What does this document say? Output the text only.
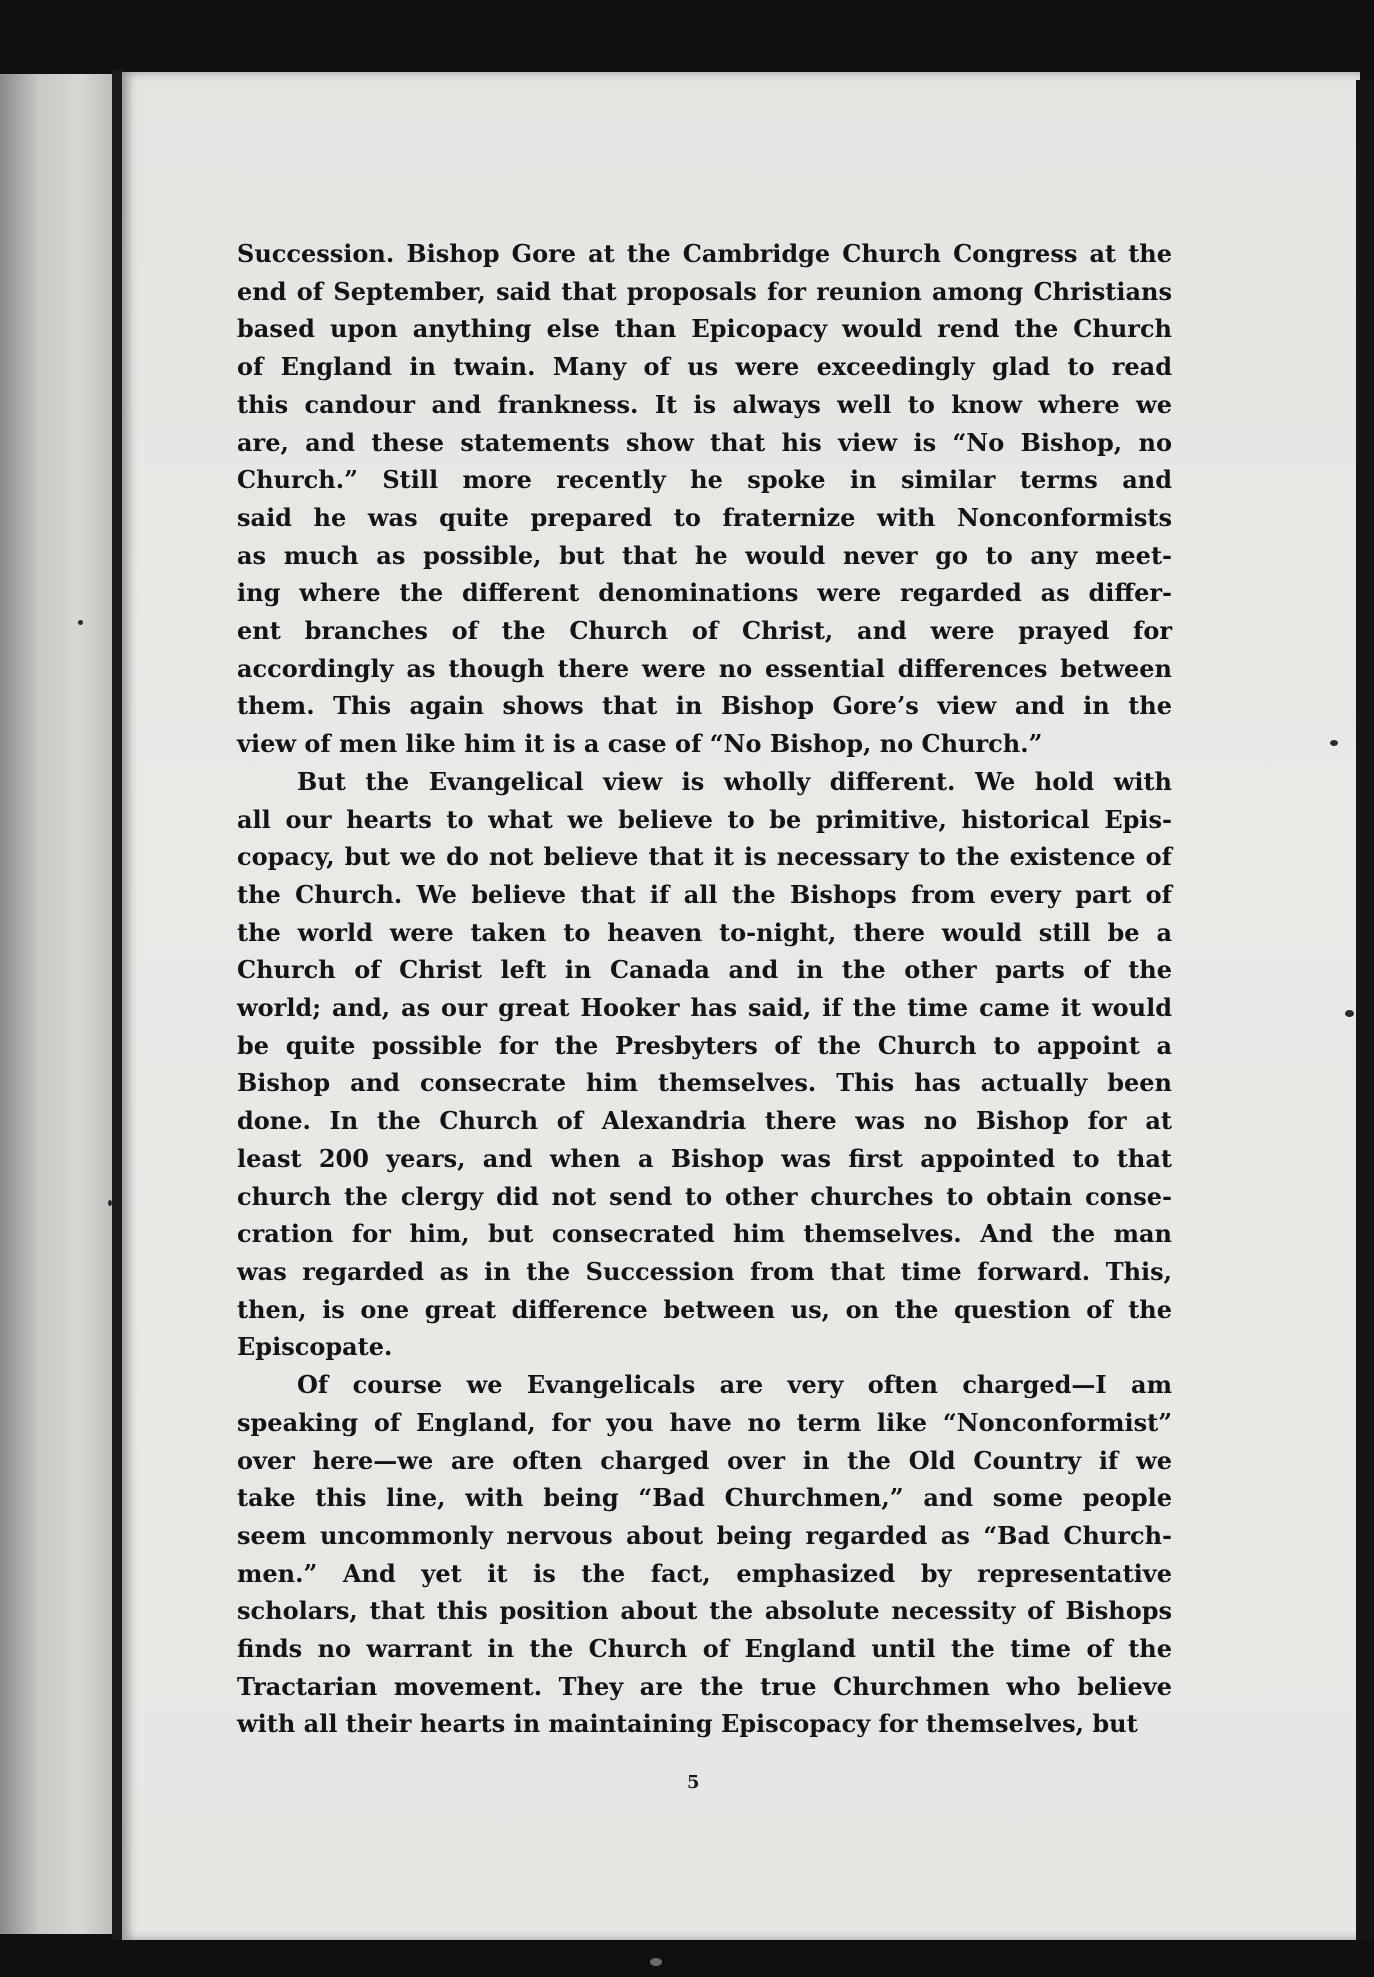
Succession. Bishop Gore at the Cambridge Church Congress at the
end of September, said that proposals for reunion among Christians
based upon anything else than Epicopacy would rend the Church
of England in twain. Many of us were exceedingly glad to read
this candour and frankness. It is always well to know where we
are, and these statements show that his view is “No Bishop, no
Church.” Still more recently he spoke in similar terms and
said he was quite prepared to fraternize with Nonconformists
as much as possible, but that he would never go to any meet-
ing where the different denominations were regarded as differ-
ent branches of the Church of Christ, and were prayed for
accordingly as though there were no essential differences between
them. This again shows that in Bishop Gore’s view and in the
view of men like him it is a case of “No Bishop, no Church.”
But the Evangelical view is wholly different. We hold with
all our hearts to what we believe to be primitive, historical Epis-
copacy, but we do not believe that it is necessary to the existence of
the Church. We believe that if all the Bishops from every part of
the world were taken to heaven to-night, there would still be a
Church of Christ left in Canada and in the other parts of the
world; and, as our great Hooker has said, if the time came it would
be quite possible for the Presbyters of the Church to appoint a
Bishop and consecrate him themselves. This has actually been
done. In the Church of Alexandria there was no Bishop for at
least 200 years, and when a Bishop was first appointed to that
church the clergy did not send to other churches to obtain conse-
cration for him, but consecrated him themselves. And the man
was regarded as in the Succession from that time forward. This,
then, is one great difference between us, on the question of the
Episcopate.
Of course we Evangelicals are very often charged—I am
speaking of England, for you have no term like “Nonconformist”
over here—we are often charged over in the Old Country if we
take this line, with being “Bad Churchmen,” and some people
seem uncommonly nervous about being regarded as “Bad Church-
men.” And yet it is the fact, emphasized by representative
scholars, that this position about the absolute necessity of Bishops
finds no warrant in the Church of England until the time of the
Tractarian movement. They are the true Churchmen who believe
with all their hearts in maintaining Episcopacy for themselves, but
5
